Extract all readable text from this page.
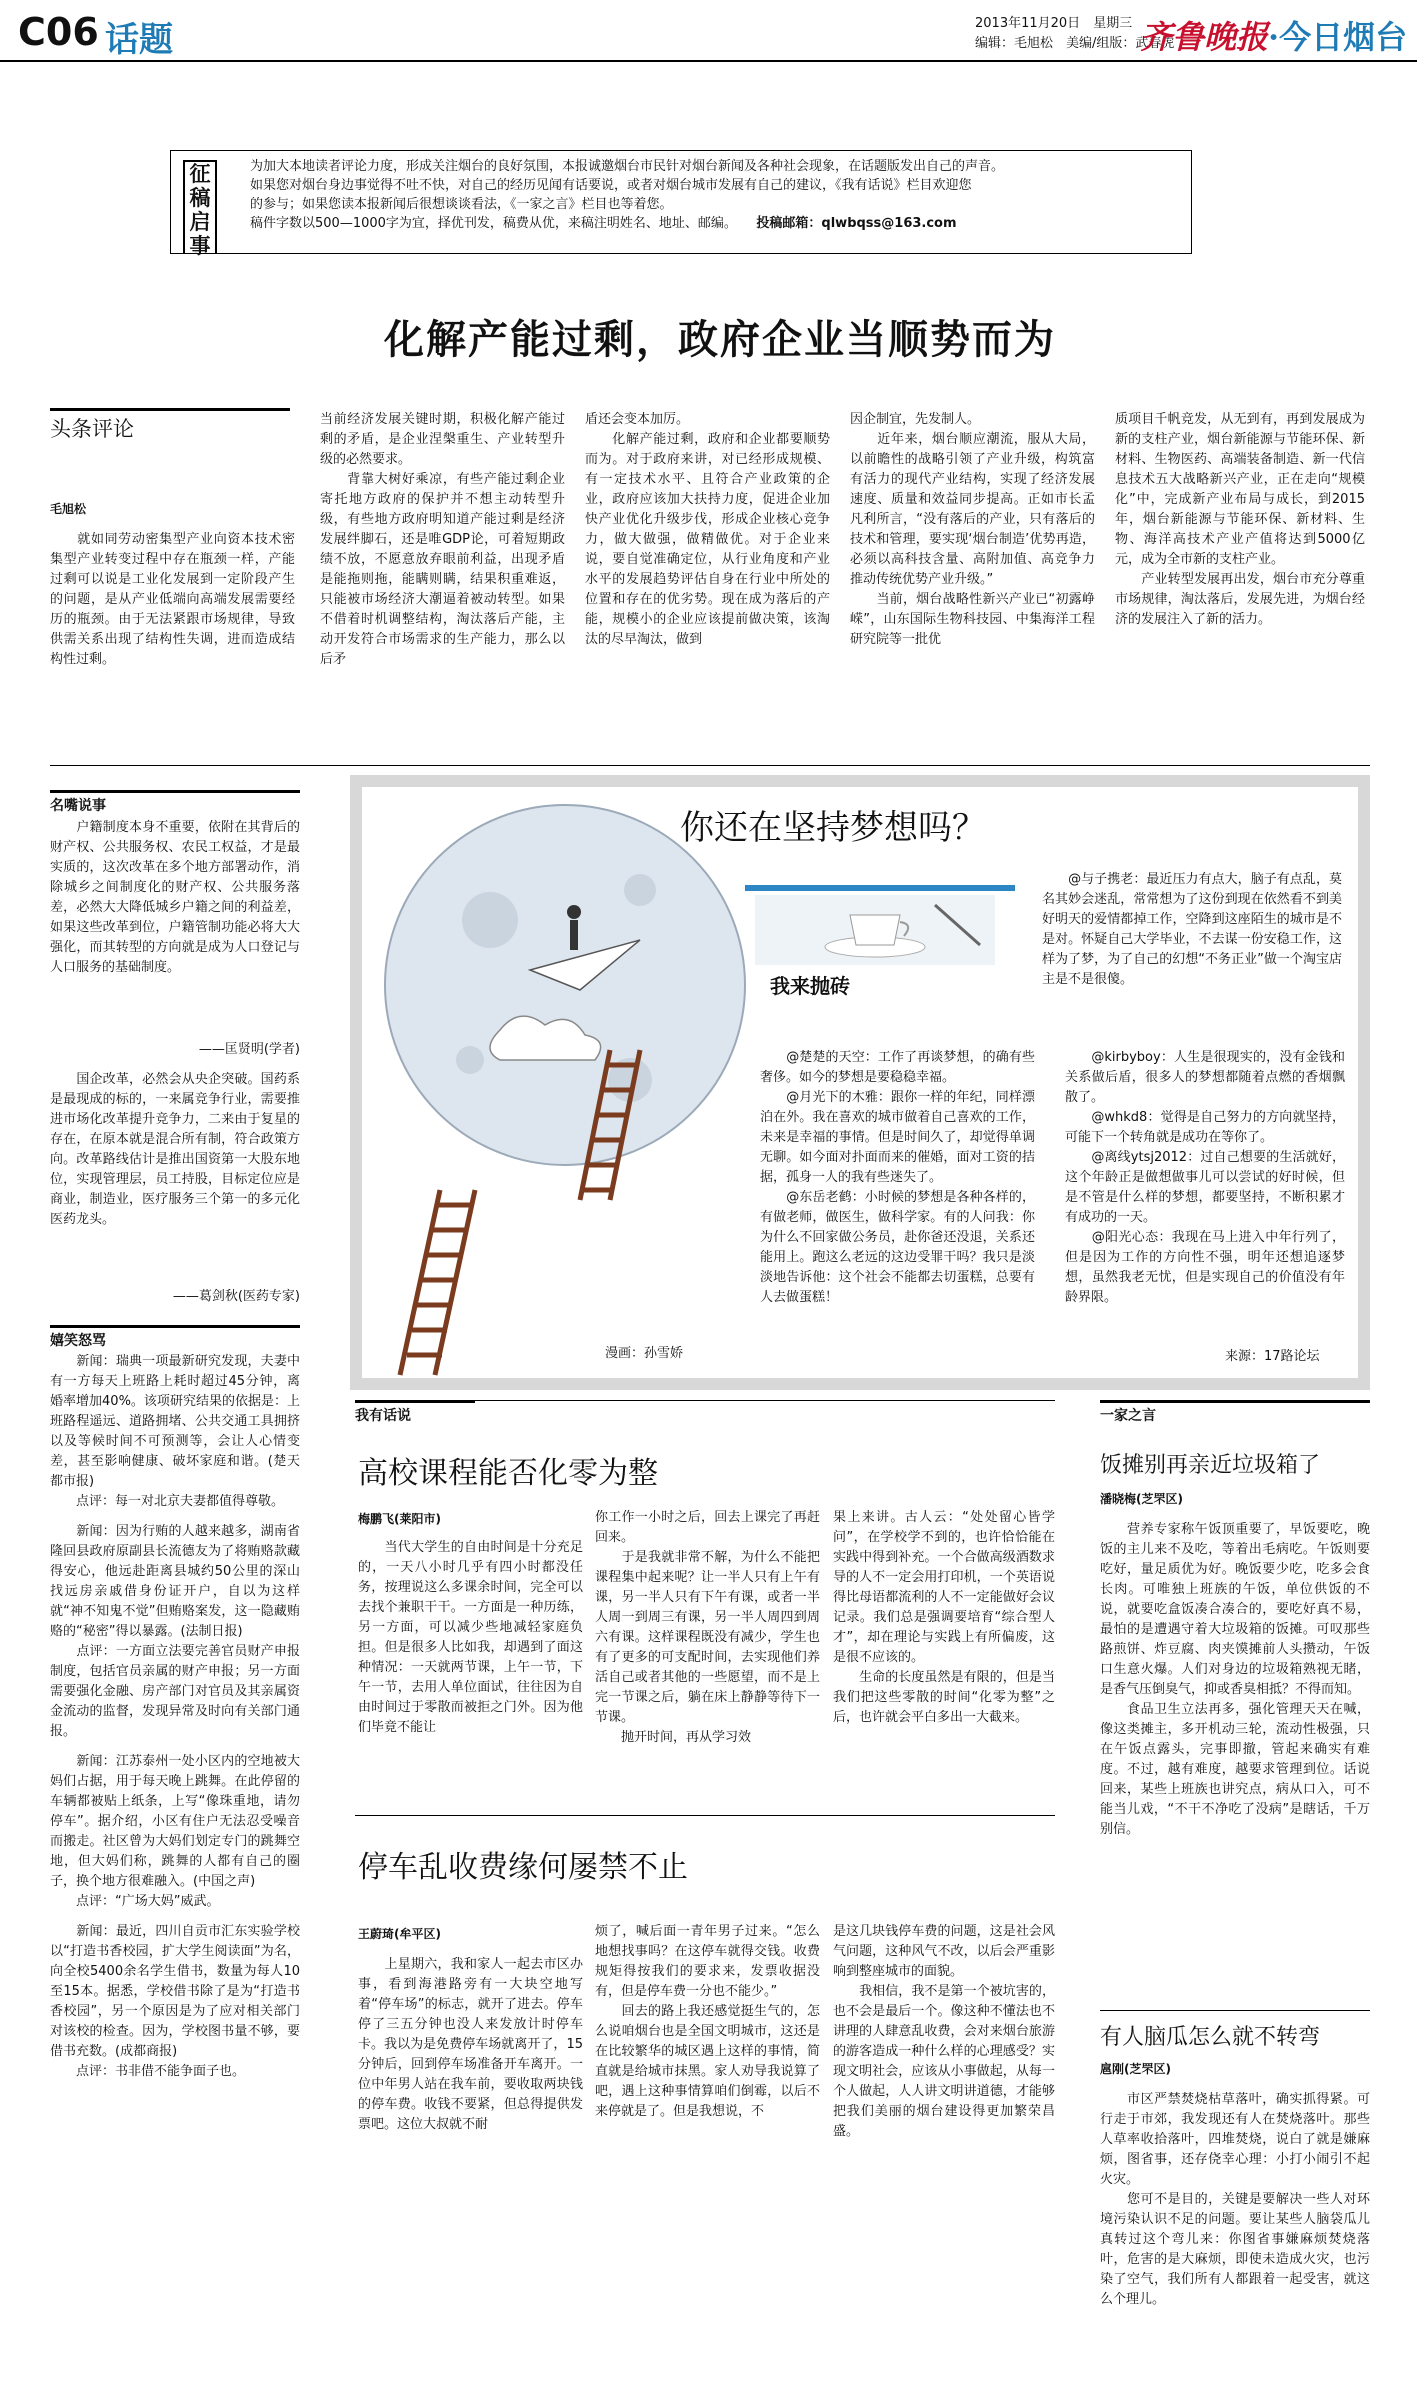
C06 话题	2013年11月20日　 星期三
编辑：毛旭松　美编/组版：武春虎
齐鲁晚报·今日烟台
征稿启事
为加大本地读者评论力度，形成关注烟台的良好氛围，本报诚邀烟台市民针对烟台新闻及各种社会现象，在话题版发出自己的声音。
如果您对烟台身边事觉得不吐不快，对自己的经历见闻有话要说，或者对烟台城市发展有自己的建议，《我有话说》栏目欢迎您
的参与；如果您读本报新闻后很想谈谈看法，《一家之言》栏目也等着您。
稿件字数以500—1000字为宜，择优刊发，稿费从优，来稿注明姓名、地址、邮编。　　 投稿邮箱：qlwbqss@163.com
化解产能过剩，政府企业当顺势而为
头条评论
毛旭松

　　就如同劳动密集型产业向资本技术密集型产业转变过程中存在瓶颈一样，产能过剩可以说是工业化发展到一定阶段产生的问题，是从产业低端向高端发展需要经历的瓶颈。由于无法紧跟市场规律，导致供需关系出现了结构性失调，进而造成结构性过剩。

当前经济发展关键时期，积极化解产能过剩的矛盾，是企业涅槃重生、产业转型升级的必然要求。
　　背靠大树好乘凉，有些产能过剩企业寄托地方政府的保护并不想主动转型升级，有些地方政府明知道产能过剩是经济发展绊脚石，还是唯GDP论，可着短期政绩不放，不愿意放弃眼前利益，出现矛盾是能拖则拖，能瞒则瞒，结果积重难返，只能被市场经济大潮逼着被动转型。如果不借着时机调整结构，淘汰落后产能，主动开发符合市场需求的生产能力，那么以后矛

盾还会变本加厉。
　　化解产能过剩，政府和企业都要顺势而为。对于政府来讲，对已经形成规模、有一定技术水平、且符合产业政策的企业，政府应该加大扶持力度，促进企业加快产业优化升级步伐，形成企业核心竞争力，做大做强，做精做优。对于企业来说，要自觉准确定位，从行业角度和产业水平的发展趋势评估自身在行业中所处的位置和存在的优劣势。现在成为落后的产能，规模小的企业应该提前做决策，该淘汰的尽早淘汰，做到

因企制宜，先发制人。
　　近年来，烟台顺应潮流，服从大局，以前瞻性的战略引领了产业升级，构筑富有活力的现代产业结构，实现了经济发展速度、质量和效益同步提高。正如市长孟凡利所言，“没有落后的产业，只有落后的技术和管理，要实现‘烟台制造’优势再造，必须以高科技含量、高附加值、高竞争力推动传统优势产业升级。”
　　当前，烟台战略性新兴产业已“初露峥嵘”，山东国际生物科技园、中集海洋工程研究院等一批优

质项目千帆竞发，从无到有，再到发展成为新的支柱产业，烟台新能源与节能环保、新材料、生物医药、高端装备制造、新一代信息技术五大战略新兴产业，正在走向“规模化”中，完成新产业布局与成长，到2015年，烟台新能源与节能环保、新材料、生物、海洋高技术产业产值将达到5000亿元，成为全市新的支柱产业。
　　产业转型发展再出发，烟台市充分尊重市场规律，淘汰落后，发展先进，为烟台经济的发展注入了新的活力。

名嘴说事

　　户籍制度本身不重要，依附在其背后的财产权、公共服务权、农民工权益，才是最实质的，这次改革在多个地方部署动作，消除城乡之间制度化的财产权、公共服务落差，必然大大降低城乡户籍之间的利益差，如果这些改革到位，户籍管制功能必将大大强化，而其转型的方向就是成为人口登记与人口服务的基础制度。

——匡贤明(学者)

　　国企改革，必然会从央企突破。国药系是最现成的标的，一来属竞争行业，需要推进市场化改革提升竞争力，二来由于复星的存在，在原本就是混合所有制，符合政策方向。改革路线估计是推出国资第一大股东地位，实现管理层，员工持股，目标定位应是商业，制造业，医疗服务三个第一的多元化医药龙头。

——葛剑秋(医药专家)
嬉笑怒骂

　　新闻：瑞典一项最新研究发现，夫妻中有一方每天上班路上耗时超过45分钟，离婚率增加40%。该项研究结果的依据是：上班路程遥远、道路拥堵、公共交通工具拥挤以及等候时间不可预测等，会让人心情变差，甚至影响健康、破坏家庭和谐。(楚天都市报)

　　点评：每一对北京夫妻都值得尊敬。

　　新闻：因为行贿的人越来越多，湖南省隆回县政府原副县长流德友为了将贿赂款藏得安心，他远赴距离县城约50公里的深山找远房亲戚借身份证开户，自以为这样就“神不知鬼不觉”但贿赂案发，这一隐藏贿赂的“秘密”得以暴露。(法制日报)

　　点评：一方面立法要完善官员财产申报制度，包括官员亲属的财产申报；另一方面需要强化金融、房产部门对官员及其亲属资金流动的监督，发现异常及时向有关部门通报。

　　新闻：江苏泰州一处小区内的空地被大妈们占据，用于每天晚上跳舞。在此停留的车辆都被贴上纸条，上写“像珠重地，请勿停车”。据介绍，小区有住户无法忍受噪音而搬走。社区曾为大妈们划定专门的跳舞空地，但大妈们称，跳舞的人都有自己的圈子，换个地方很难融入。(中国之声)

　　点评：“广场大妈”威武。

　　新闻：最近，四川自贡市汇东实验学校以“打造书香校园，扩大学生阅读面”为名，向全校5400余名学生借书，数量为每人10至15本。据悉，学校借书除了是为“打造书香校园”，另一个原因是为了应对相关部门对该校的检查。因为，学校图书量不够，要借书充数。(成都商报)

　　点评：书非借不能争面子也。

你还在坚持梦想吗？
漫画：孙雪娇
我来抛砖

　　@与子携老：最近压力有点大，脑子有点乱，莫名其妙会迷乱，常常想为了这份到现在依然看不到美好明天的爱情都掉工作，空降到这座陌生的城市是不是对。怀疑自己大学毕业，不去谋一份安稳工作，这样为了梦，为了自己的幻想“不务正业”做一个淘宝店主是不是很傻。

　　@楚楚的天空：工作了再谈梦想，的确有些奢侈。如今的梦想是要稳稳幸福。
　　@月光下的木雅：跟你一样的年纪，同样漂泊在外。我在喜欢的城市做着自己喜欢的工作，未来是幸福的事情。但是时间久了，却觉得单调无聊。如今面对扑面而来的催婚，面对工资的拮据，孤身一人的我有些迷失了。
　　@东岳老鹤：小时候的梦想是各种各样的，有做老师，做医生，做科学家。有的人问我：你为什么不回家做公务员，赴你爸还没退，关系还能用上。跑这么老远的这边受罪干吗？我只是淡淡地告诉他：这个社会不能都去切蛋糕，总要有人去做蛋糕！

　　@kirbyboy：人生是很现实的，没有金钱和关系做后盾，很多人的梦想都随着点燃的香烟飘散了。
　　@whkd8：觉得是自己努力的方向就坚持，可能下一个转角就是成功在等你了。
　　@离线ytsj2012：过自己想要的生活就好，这个年龄正是做想做事儿可以尝试的好时候，但是不管是什么样的梦想，都要坚持，不断积累才有成功的一天。
　　@阳光心态：我现在马上进入中年行列了，但是因为工作的方向性不强，明年还想追逐梦想，虽然我老无忧，但是实现自己的价值没有年龄界限。

来源：17路论坛
我有话说
高校课程能否化零为整
梅鹏飞(莱阳市)

　　当代大学生的自由时间是十分充足的，一天八小时几乎有四小时都没任务，按理说这么多课余时间，完全可以去找个兼职干干。一方面是一种历练，另一方面，可以减少些地减轻家庭负担。但是很多人比如我，却遇到了面这种情况：一天就两节课，上午一节，下午一节，去用人单位面试，往往因为自由时间过于零散而被拒之门外。因为他们毕竟不能让

你工作一小时之后，回去上课完了再赶回来。
　　于是我就非常不解，为什么不能把课程集中起来呢？让一半人只有上午有课，另一半人只有下午有课，或者一半人周一到周三有课，另一半人周四到周六有课。这样课程既没有减少，学生也有了更多的可支配时间，去实现他们养活自己或者其他的一些愿望，而不是上完一节课之后，躺在床上静静等待下一节课。
　　抛开时间，再从学习效

果上来讲。古人云：“处处留心皆学问”，在学校学不到的，也许恰恰能在实践中得到补充。一个合做高级酒数求导的人不一定会用打印机，一个英语说得比母语都流利的人不一定能做好会议记录。我们总是强调要培育“综合型人才”，却在理论与实践上有所偏废，这是很不应该的。
　　生命的长度虽然是有限的，但是当我们把这些零散的时间“化零为整”之后，也许就会平白多出一大截来。

停车乱收费缘何屡禁不止
王蔚琦(牟平区)

　　上星期六，我和家人一起去市区办事，看到海港路旁有一大块空地写着“停车场”的标志，就开了进去。停车停了三五分钟也没人来发放计时停车卡。我以为是免费停车场就离开了，15分钟后，回到停车场准备开车离开。一位中年男人站在我车前，要收取两块钱的停车费。收钱不要紧，但总得提供发票吧。这位大叔就不耐

烦了，喊后面一青年男子过来。“怎么地想找事吗？在这停车就得交钱。收费规矩得按我们的要求来，发票收据没有，但是停车费一分也不能少。”
　　回去的路上我还感觉挺生气的，怎么说咱烟台也是全国文明城市，这还是在比较繁华的城区遇上这样的事情，简直就是给城市抹黑。家人劝导我说算了吧，遇上这种事情算咱们倒霉，以后不来停就是了。但是我想说，不

是这几块钱停车费的问题，这是社会风气问题，这种风气不改，以后会严重影响到整座城市的面貌。
　　我相信，我不是第一个被坑害的，也不会是最后一个。像这种不懂法也不讲理的人肆意乱收费，会对来烟台旅游的游客造成一种什么样的心理感受？实现文明社会，应该从小事做起，从每一个人做起，人人讲文明讲道德，才能够把我们美丽的烟台建设得更加繁荣昌盛。

一家之言
饭摊别再亲近垃圾箱了
潘晓梅(芝罘区)

　　营养专家称午饭顶重要了，早饭要吃，晚饭的主儿来不及吃，等着出毛病吃。午饭则要吃好，量足质优为好。晚饭要少吃，吃多会食长肉。可唯独上班族的午饭，单位供饭的不说，就要吃盒饭凑合凑合的，要吃好真不易，最怕的是遭遇守着大垃圾箱的饭摊。可叹那些路煎饼、炸豆腐、肉夹馍摊前人头攒动，午饭口生意火爆。人们对身边的垃圾箱熟视无睹，是香气压倒臭气，抑或香臭相抵？不得而知。
　　食品卫生立法再多，强化管理天天在喊，像这类摊主，多开机动三轮，流动性极强，只在午饭点露头，完事即撤，管起来确实有难度。不过，越有难度，越要求管理到位。话说回来，某些上班族也讲究点，病从口入，可不能当儿戏，“不干不净吃了没病”是瞎话，千万别信。

有人脑瓜怎么就不转弯
扈刚(芝罘区)

　　市区严禁焚烧枯草落叶，确实抓得紧。可行走于市郊，我发现还有人在焚烧落叶。那些人草率收拾落叶，四堆焚烧，说白了就是嫌麻烦，图省事，还存侥幸心理：小打小闹引不起火灾。
　　您可不是目的，关键是要解决一些人对环境污染认识不足的问题。要让某些人脑袋瓜儿真转过这个弯儿来：你图省事嫌麻烦焚烧落叶，危害的是大麻烦，即使未造成火灾，也污染了空气，我们所有人都跟着一起受害，就这么个理儿。
